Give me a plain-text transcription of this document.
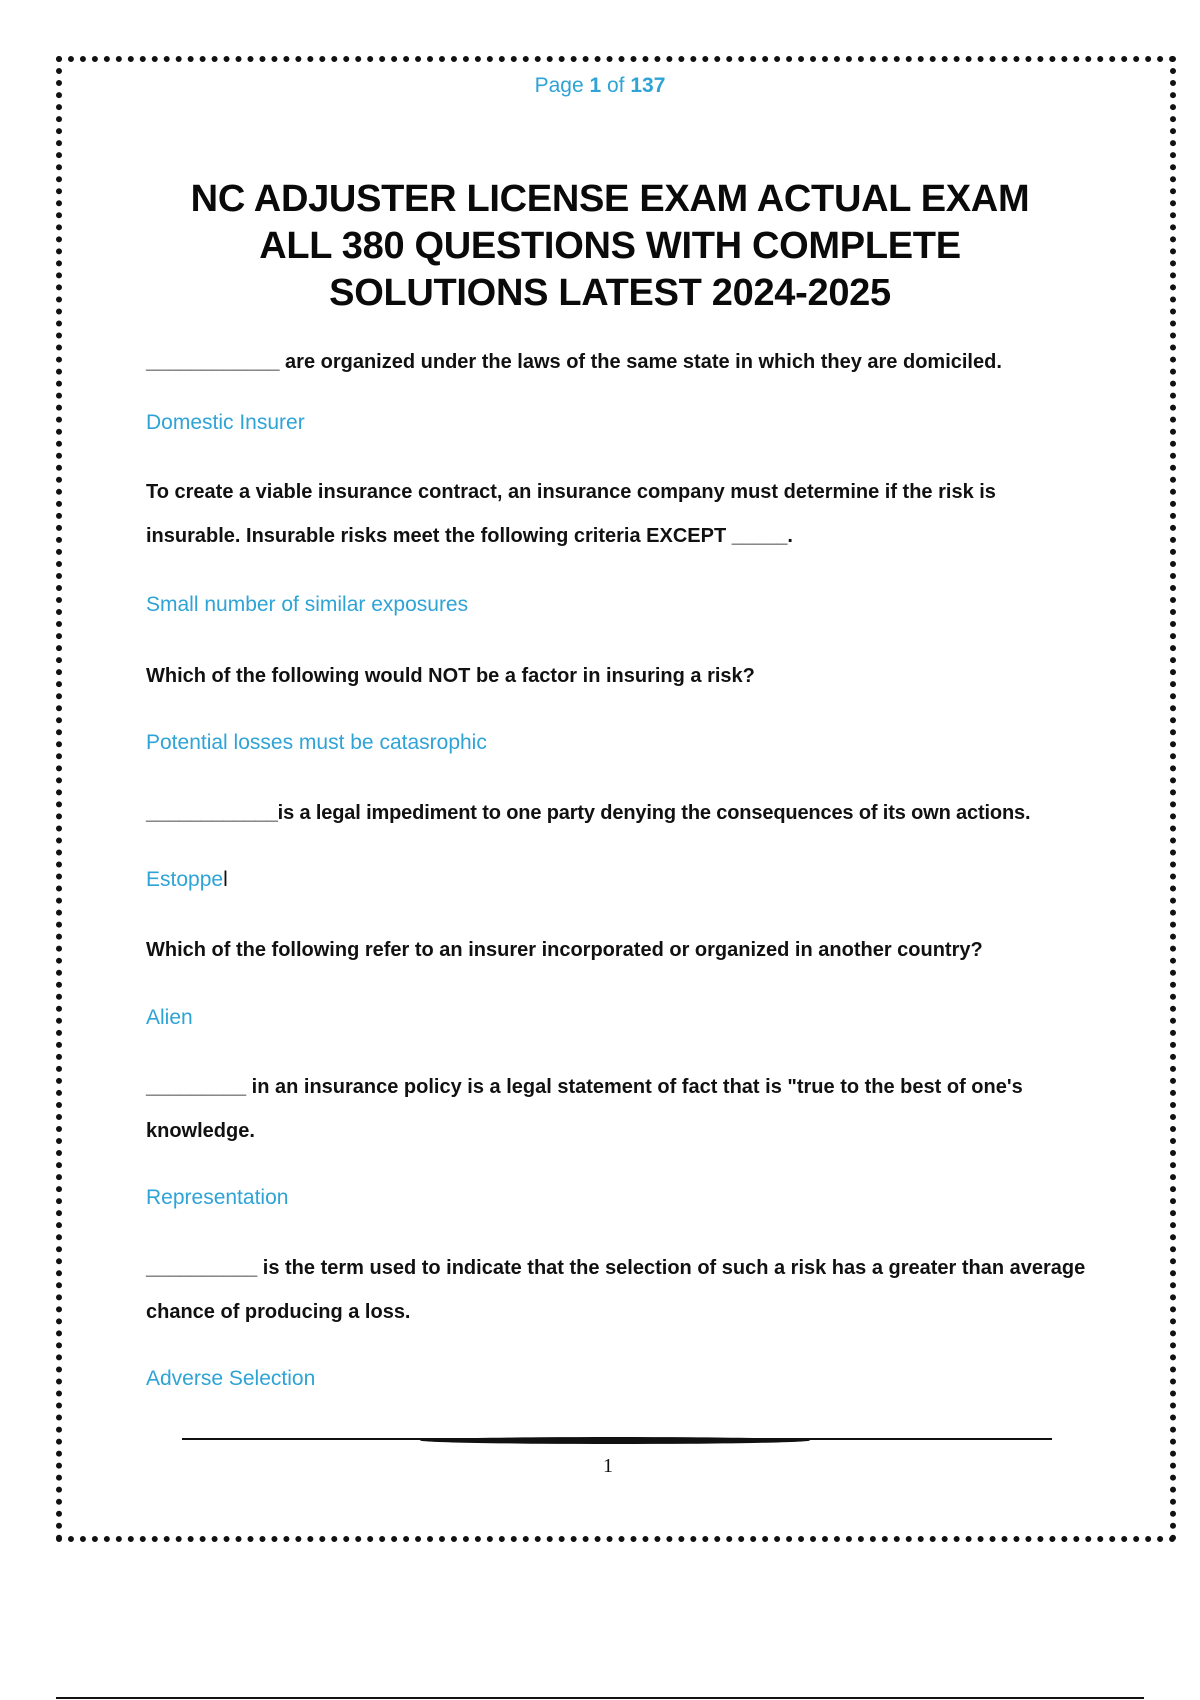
Page 1 of 137
NC ADJUSTER LICENSE EXAM ACTUAL EXAM
ALL 380 QUESTIONS WITH COMPLETE
SOLUTIONS LATEST 2024-2025

____________ are organized under the laws of the same state in which they are domiciled.

Domestic Insurer

To create a viable insurance contract, an insurance company must determine if the risk is insurable. Insurable risks meet the following criteria EXCEPT _____.

Small number of similar exposures

Which of the following would NOT be a factor in insuring a risk?

Potential losses must be catasrophic

____________is a legal impediment to one party denying the consequences of its own actions.

Estoppel

Which of the following refer to an insurer incorporated or organized in another country?

Alien

_________ in an insurance policy is a legal statement of fact that is "true to the best of one's knowledge.

Representation

__________ is the term used to indicate that the selection of such a risk has a greater than average chance of producing a loss.

Adverse Selection

1
